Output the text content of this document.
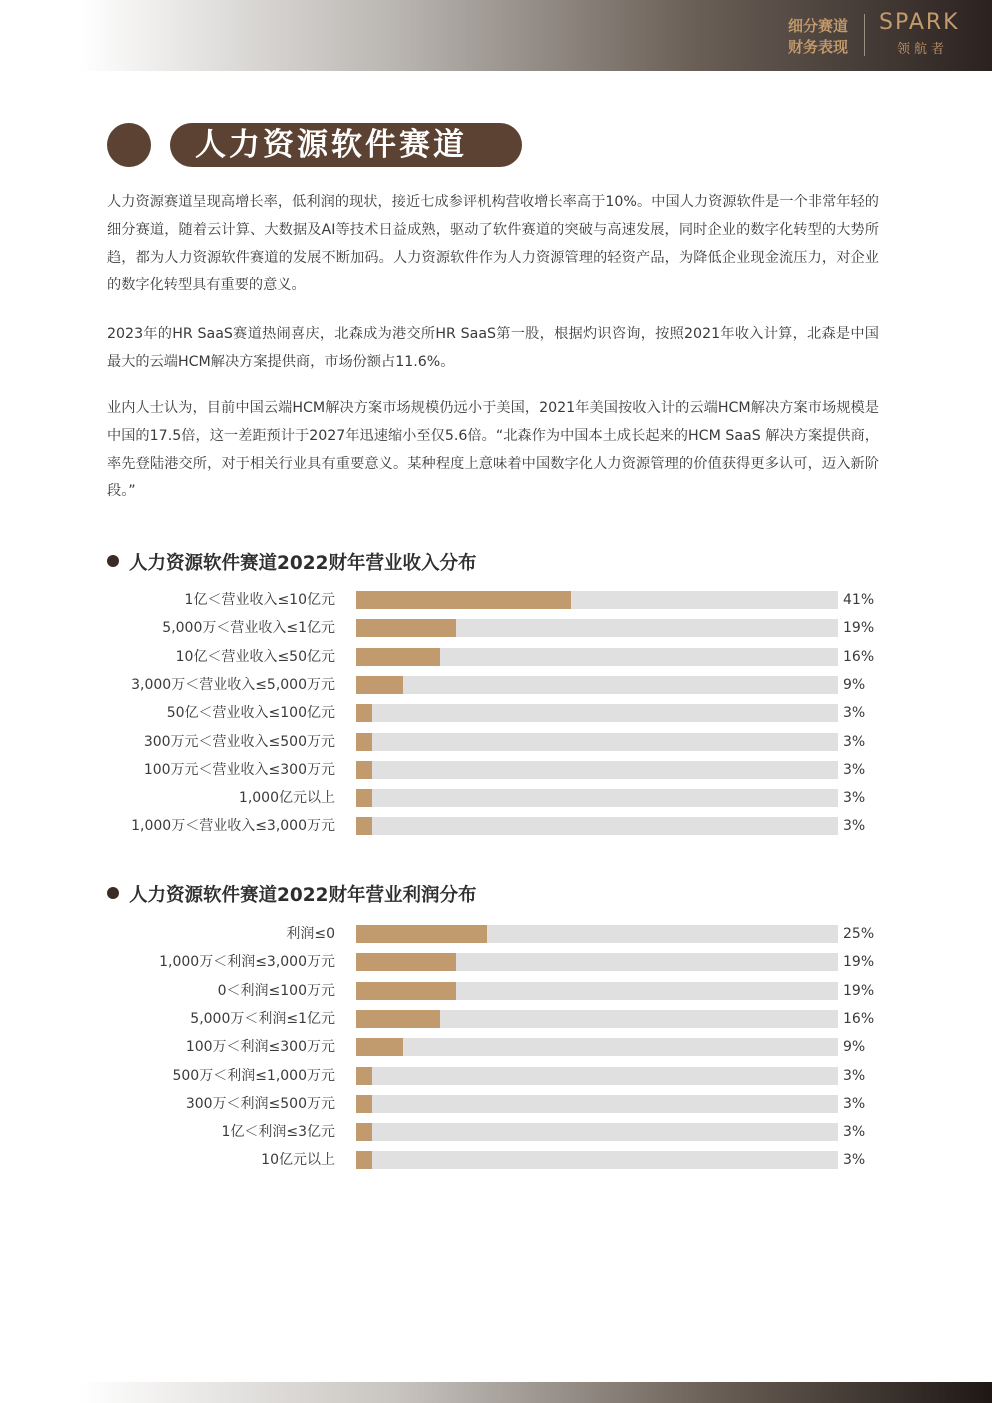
细分赛道
财务表现
SPARK
领航者
人力资源软件赛道

人力资源赛道呈现高增长率，低利润的现状，接近七成参评机构营收增长率高于10%。中国人力资源软件是一个非常年轻的细分赛道，随着云计算、大数据及AI等技术日益成熟，驱动了软件赛道的突破与高速发展，同时企业的数字化转型的大势所趋，都为人力资源软件赛道的发展不断加码。人力资源软件作为人力资源管理的轻资产品，为降低企业现金流压力，对企业的数字化转型具有重要的意义。

2023年的HR SaaS赛道热闹喜庆，北森成为港交所HR SaaS第一股，根据灼识咨询，按照2021年收入计算，北森是中国最大的云端HCM解决方案提供商，市场份额占11.6%。

业内人士认为，目前中国云端HCM解决方案市场规模仍远小于美国，2021年美国按收入计的云端HCM解决方案市场规模是中国的17.5倍，这一差距预计于2027年迅速缩小至仅5.6倍。“北森作为中国本土成长起来的HCM SaaS 解决方案提供商，率先登陆港交所，对于相关行业具有重要意义。某种程度上意味着中国数字化人力资源管理的价值获得更多认可，迈入新阶段。”

人力资源软件赛道2022财年营业收入分布
1亿＜营业收入≤10亿元	41%
5,000万＜营业收入≤1亿元	19%
10亿＜营业收入≤50亿元	16%
3,000万＜营业收入≤5,000万元	9%
50亿＜营业收入≤100亿元	3%
300万元＜营业收入≤500万元	3%
100万元＜营业收入≤300万元	3%
1,000亿元以上	3%
1,000万＜营业收入≤3,000万元	3%
人力资源软件赛道2022财年营业利润分布
利润≤0	25%
1,000万＜利润≤3,000万元	19%
0＜利润≤100万元	19%
5,000万＜利润≤1亿元	16%
100万＜利润≤300万元	9%
500万＜利润≤1,000万元	3%
300万＜利润≤500万元	3%
1亿＜利润≤3亿元	3%
10亿元以上	3%
